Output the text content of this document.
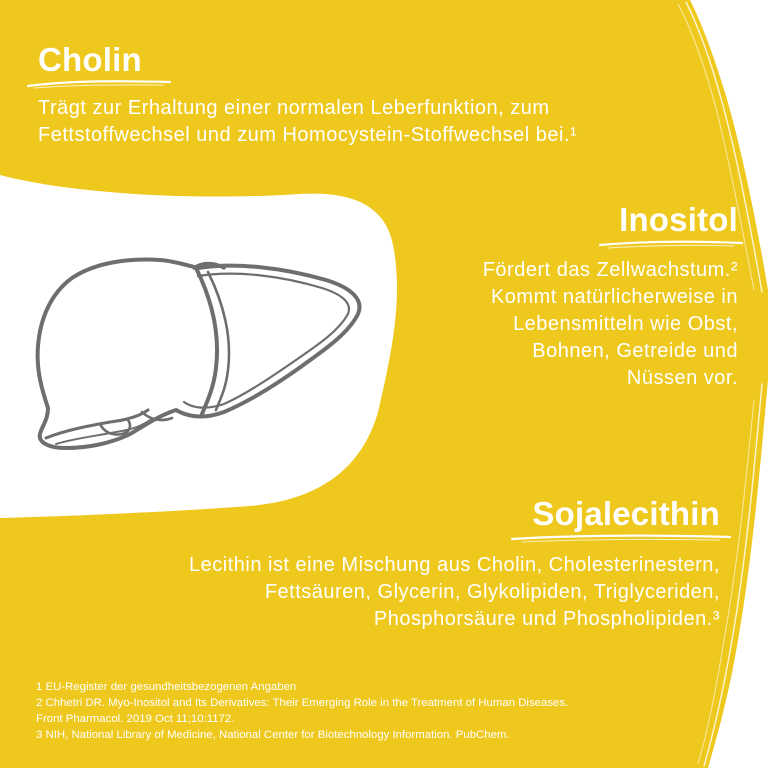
Cholin
Trägt zur Erhaltung einer normalen Leberfunktion, zum
Fettstoffwechsel und zum Homocystein-Stoffwechsel bei.¹
Inositol
Fördert das Zellwachstum.²
Kommt natürlicherweise in
Lebensmitteln wie Obst,
Bohnen, Getreide und
Nüssen vor.
Sojalecithin
Lecithin ist eine Mischung aus Cholin, Cholesterinestern,
Fettsäuren, Glycerin, Glykolipiden, Triglyceriden,
Phosphorsäure und Phospholipiden.³

1 EU-Register der gesundheitsbezogenen Angaben

2 Chhetri DR. Myo-Inositol and Its Derivatives: Their Emerging Role in the Treatment of Human Diseases.

Front Pharmacol. 2019 Oct 11;10:1172.

3 NIH, National Library of Medicine, National Center for Biotechnology Information. PubChem.
